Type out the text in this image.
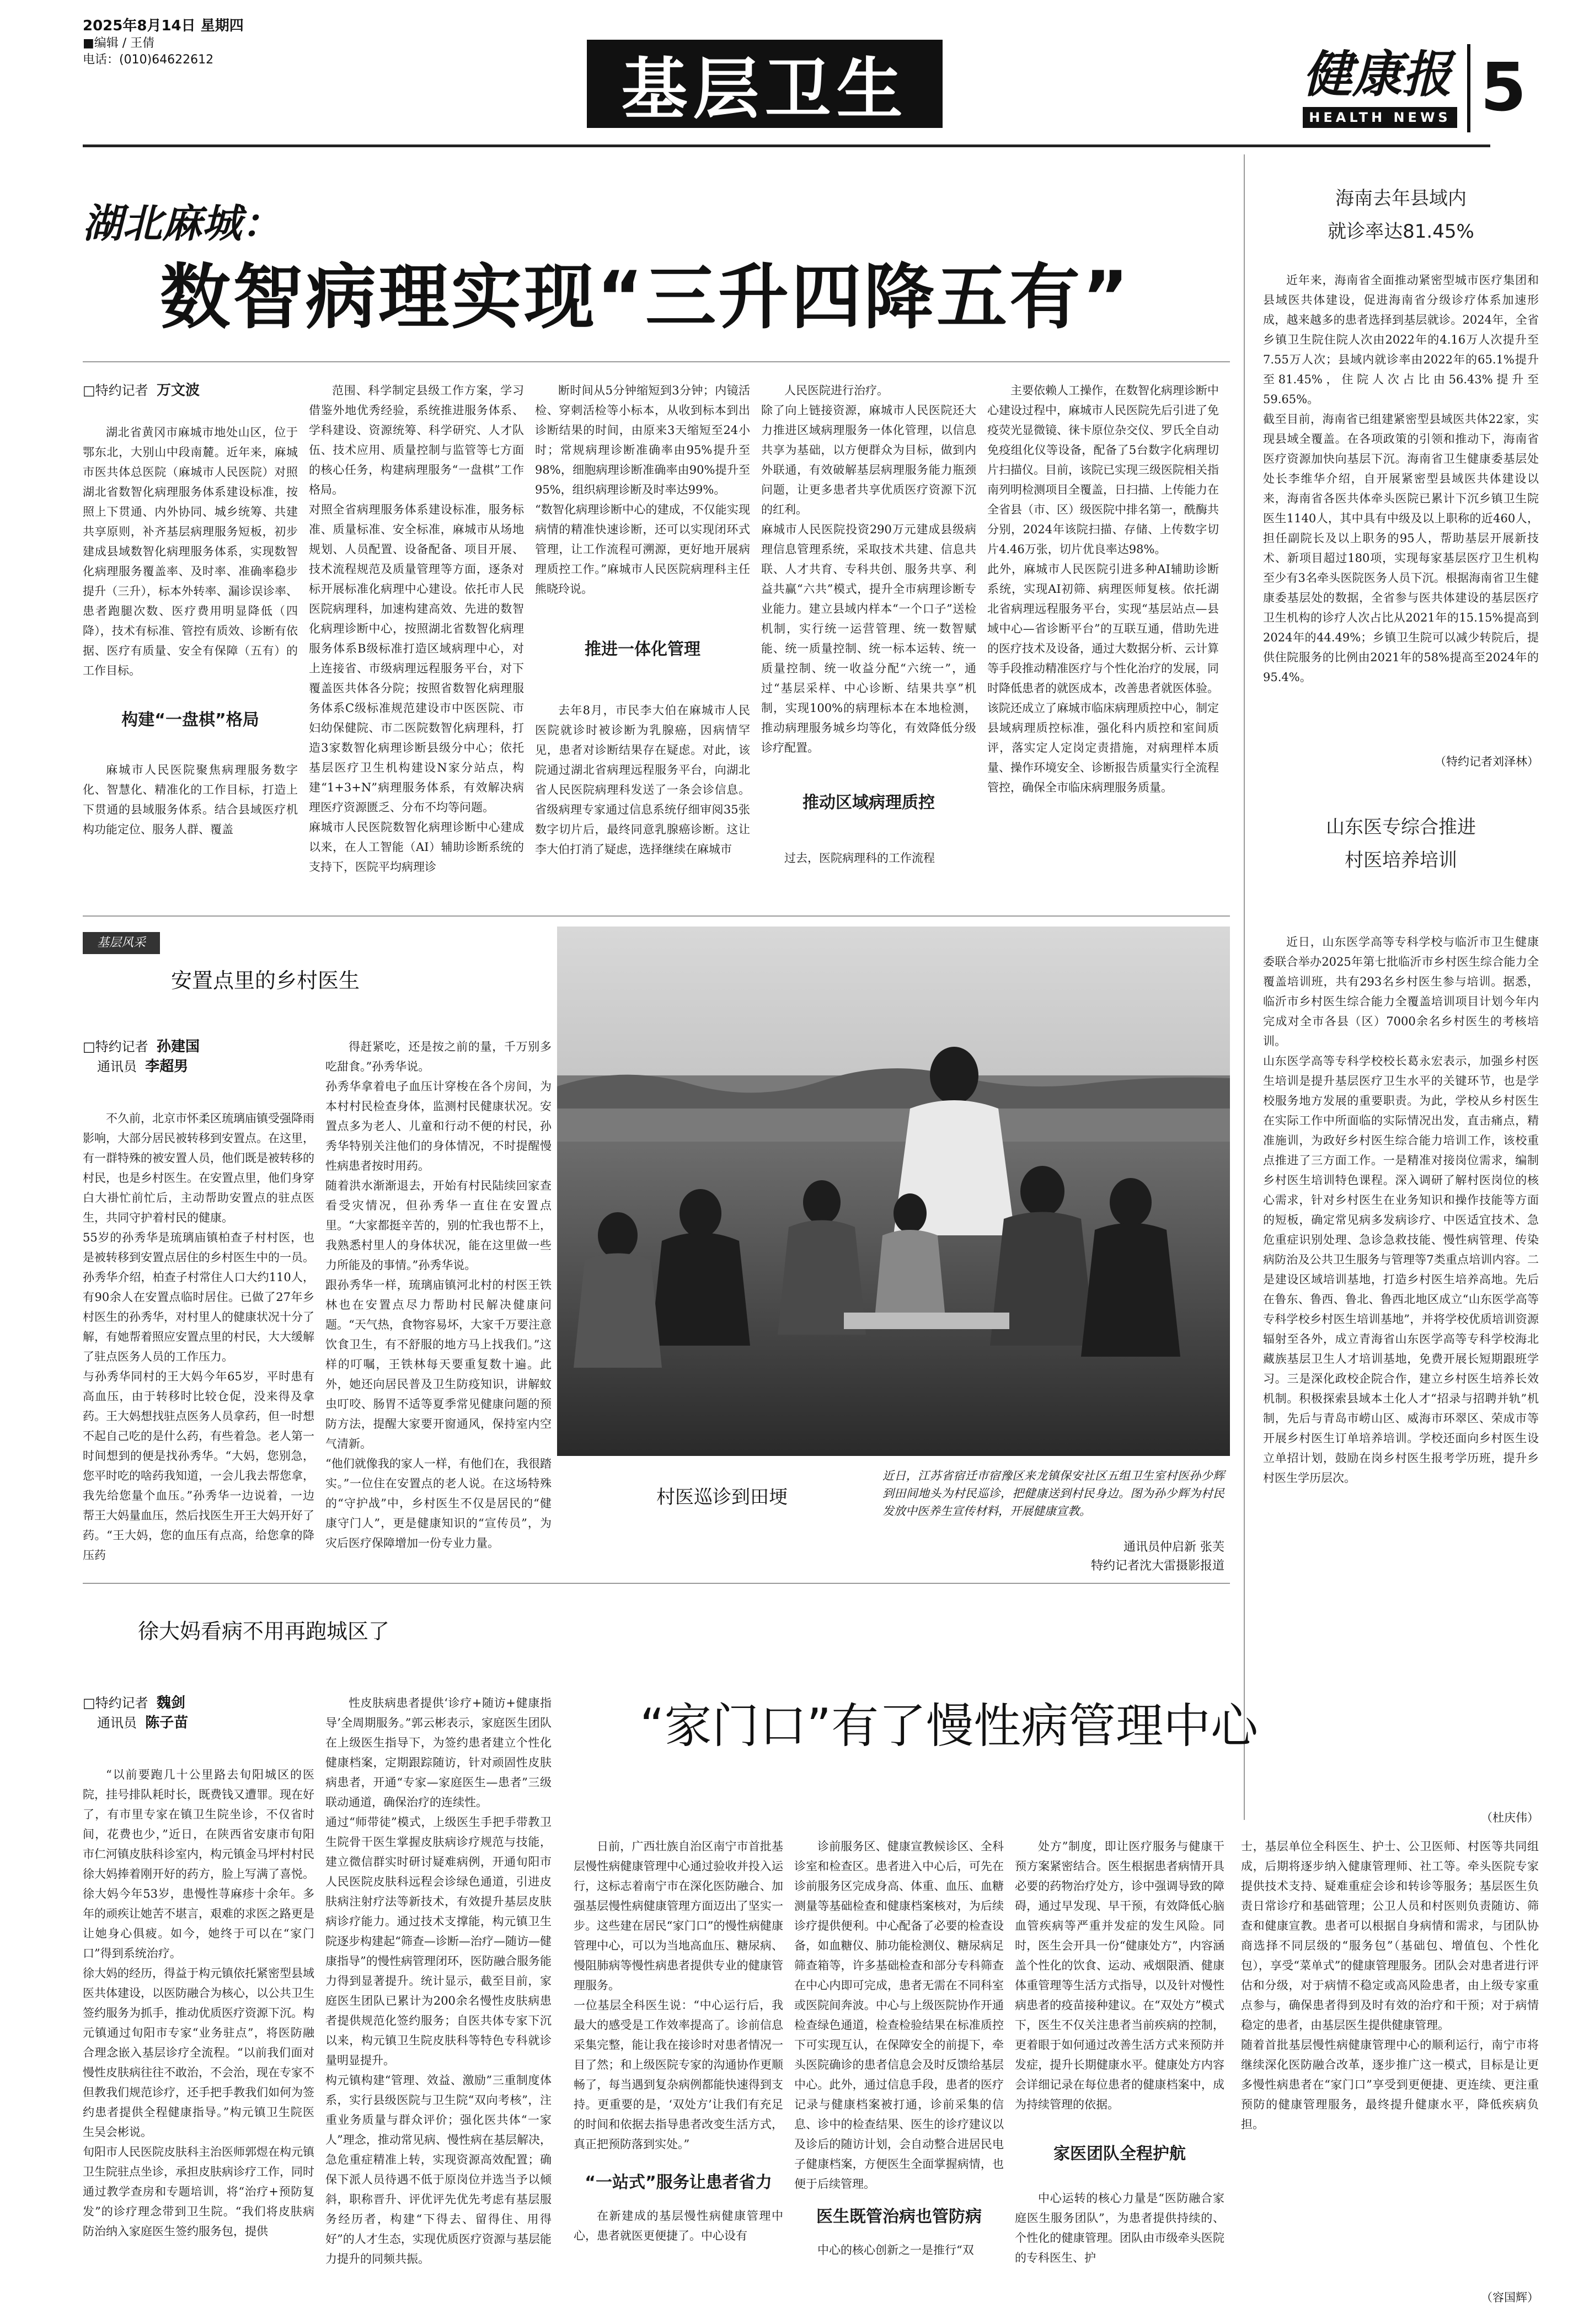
2025年8月14日 星期四
■编辑 / 王倩
电话：(010)64622612	基层卫生	健康报
HEALTH NEWS 5
湖北麻城：
数智病理实现“三升四降五有”
□特约记者 万文波

湖北省黄冈市麻城市地处山区，位于鄂东北，大别山中段南麓。近年来，麻城市医共体总医院（麻城市人民医院）对照湖北省数智化病理服务体系建设标准，按照上下贯通、内外协同、城乡统筹、共建共享原则，补齐基层病理服务短板，初步建成县域数智化病理服务体系，实现数智化病理服务覆盖率、及时率、准确率稳步提升（三升），标本外转率、漏诊误诊率、患者跑腿次数、医疗费用明显降低（四降），技术有标准、管控有质效、诊断有依据、医疗有质量、安全有保障（五有）的工作目标。

构建“一盘棋”格局

麻城市人民医院聚焦病理服务数字化、智慧化、精准化的工作目标，打造上下贯通的县域服务体系。结合县域医疗机构功能定位、服务人群、覆盖

范围、科学制定县级工作方案，学习借鉴外地优秀经验，系统推进服务体系、学科建设、资源统筹、科学研究、人才队伍、技术应用、质量控制与监管等七方面的核心任务，构建病理服务“一盘棋”工作格局。
对照全省病理服务体系建设标准，服务标准、质量标准、安全标准，麻城市从场地规划、人员配置、设备配备、项目开展、技术流程规范及质量管理等方面，逐条对标开展标准化病理中心建设。依托市人民医院病理科，加速构建高效、先进的数智化病理诊断中心，按照湖北省数智化病理服务体系B级标准打造区域病理中心，对上连接省、市级病理远程服务平台，对下覆盖医共体各分院；按照省数智化病理服务体系C级标准规范建设市中医医院、市妇幼保健院、市二医院数智化病理科，打造3家数智化病理诊断县级分中心；依托基层医疗卫生机构建设N家分站点，构建“1+3+N”病理服务体系，有效解决病理医疗资源匮乏、分布不均等问题。
麻城市人民医院数智化病理诊断中心建成以来，在人工智能（AI）辅助诊断系统的支持下，医院平均病理诊

断时间从5分钟缩短到3分钟；内镜活检、穿刺活检等小标本，从收到标本到出诊断结果的时间，由原来3天缩短至24小时；常规病理诊断准确率由95%提升至98%，细胞病理诊断准确率由90%提升至95%，组织病理诊断及时率达99%。
“数智化病理诊断中心的建成，不仅能实现病情的精准快速诊断，还可以实现闭环式管理，让工作流程可溯源，更好地开展病理质控工作。”麻城市人民医院病理科主任熊晓玲说。

推进一体化管理

去年8月，市民李大伯在麻城市人民医院就诊时被诊断为乳腺癌，因病情罕见，患者对诊断结果存在疑虑。对此，该院通过湖北省病理远程服务平台，向湖北省人民医院病理科发送了一条会诊信息。省级病理专家通过信息系统仔细审阅35张数字切片后，最终同意乳腺癌诊断。这让李大伯打消了疑虑，选择继续在麻城市

人民医院进行治疗。
除了向上链接资源，麻城市人民医院还大力推进区域病理服务一体化管理，以信息共享为基础，以方便群众为目标，做到内外联通，有效破解基层病理服务能力瓶颈问题，让更多患者共享优质医疗资源下沉的红利。
麻城市人民医院投资290万元建成县级病理信息管理系统，采取技术共建、信息共联、人才共育、专科共创、服务共享、利益共赢“六共”模式，提升全市病理诊断专业能力。建立县域内样本“一个口子”送检机制，实行统一运营管理、统一数智赋能、统一质量控制、统一标本运转、统一质量控制、统一收益分配“六统一”，通过“基层采样、中心诊断、结果共享”机制，实现100%的病理标本在本地检测，推动病理服务城乡均等化，有效降低分级诊疗配置。

推动区域病理质控

过去，医院病理科的工作流程

主要依赖人工操作，在数智化病理诊断中心建设过程中，麻城市人民医院先后引进了免疫荧光显微镜、徕卡原位杂交仪、罗氏全自动免疫组化仪等设备，配备了5台数字化病理切片扫描仪。目前，该院已实现三级医院相关指南列明检测项目全覆盖，日扫描、上传能力在全省县（市、区）级医院中排名第一，酰酶共分别，2024年该院扫描、存储、上传数字切片4.46万张，切片优良率达98%。
此外，麻城市人民医院引进多种AI辅助诊断系统，实现AI初筛、病理医师复核。依托湖北省病理远程服务平台，实现“基层站点—县域中心—省诊断平台”的互联互通，借助先进的医疗技术及设备，通过大数据分析、云计算等手段推动精准医疗与个性化治疗的发展，同时降低患者的就医成本，改善患者就医体验。该院还成立了麻城市临床病理质控中心，制定县域病理质控标准，强化科内质控和室间质评，落实定人定岗定责措施，对病理样本质量、操作环境安全、诊断报告质量实行全流程管控，确保全市临床病理服务质量。
海南去年县域内
就诊率达81.45%
近年来，海南省全面推动紧密型城市医疗集团和县域医共体建设，促进海南省分级诊疗体系加速形成，越来越多的患者选择到基层就诊。2024年，全省乡镇卫生院住院人次由2022年的4.16万人次提升至7.55万人次；县域内就诊率由2022年的65.1%提升至81.45%，住院人次占比由56.43%提升至59.65%。
截至目前，海南省已组建紧密型县域医共体22家，实现县域全覆盖。在各项政策的引领和推动下，海南省医疗资源加快向基层下沉。海南省卫生健康委基层处处长李维华介绍，自开展紧密型县域医共体建设以来，海南省各医共体牵头医院已累计下沉乡镇卫生院医生1140人，其中具有中级及以上职称的近460人，担任副院长及以上职务的95人，帮助基层开展新技术、新项目超过180项，实现每家基层医疗卫生机构至少有3名牵头医院医务人员下沉。根据海南省卫生健康委基层处的数据，全省参与医共体建设的基层医疗卫生机构的诊疗人次占比从2021年的15.15%提高到2024年的44.49%；乡镇卫生院可以减少转院后，提供住院服务的比例由2021年的58%提高至2024年的95.4%。
（特约记者刘泽林）
山东医专综合推进
村医培养培训
近日，山东医学高等专科学校与临沂市卫生健康委联合举办2025年第七批临沂市乡村医生综合能力全覆盖培训班，共有293名乡村医生参与培训。据悉，临沂市乡村医生综合能力全覆盖培训项目计划今年内完成对全市各县（区）7000余名乡村医生的考核培训。
山东医学高等专科学校校长葛永宏表示，加强乡村医生培训是提升基层医疗卫生水平的关键环节，也是学校服务地方发展的重要职责。为此，学校从乡村医生在实际工作中所面临的实际情况出发，直击痛点，精准施训，为政好乡村医生综合能力培训工作，该校重点推进了三方面工作。一是精准对接岗位需求，编制乡村医生培训特色课程。深入调研了解村医岗位的核心需求，针对乡村医生在业务知识和操作技能等方面的短板，确定常见病多发病诊疗、中医适宜技术、急危重症识别处理、急诊急救技能、慢性病管理、传染病防治及公共卫生服务与管理等7类重点培训内容。二是建设区域培训基地，打造乡村医生培养高地。先后在鲁东、鲁西、鲁北、鲁西北地区成立“山东医学高等专科学校乡村医生培训基地”，并将学校优质培训资源辐射至各外，成立青海省山东医学高等专科学校海北藏族基层卫生人才培训基地，免费开展长短期跟班学习。三是深化政校企院合作，建立乡村医生培养长效机制。积极探索县域本土化人才“招录与招聘并轨”机制，先后与青岛市崂山区、威海市环翠区、荣成市等开展乡村医生订单培养培训。学校还面向乡村医生设立单招计划，鼓励在岗乡村医生报考学历班，提升乡村医生学历层次。
（杜庆伟）
基层风采
安置点里的乡村医生
□特约记者 孙建国
通讯员 李超男
不久前，北京市怀柔区琉璃庙镇受强降雨影响，大部分居民被转移到安置点。在这里，有一群特殊的被安置人员，他们既是被转移的村民，也是乡村医生。在安置点里，他们身穿白大褂忙前忙后，主动帮助安置点的驻点医生，共同守护着村民的健康。
55岁的孙秀华是琉璃庙镇柏查子村村医，也是被转移到安置点居住的乡村医生中的一员。孙秀华介绍，柏查子村常住人口大约110人，有90余人在安置点临时居住。已做了27年乡村医生的孙秀华，对村里人的健康状况十分了解，有她帮着照应安置点里的村民，大大缓解了驻点医务人员的工作压力。
与孙秀华同村的王大妈今年65岁，平时患有高血压，由于转移时比较仓促，没来得及拿药。王大妈想找驻点医务人员拿药，但一时想不起自己吃的是什么药，有些着急。老人第一时间想到的便是找孙秀华。“大妈，您别急，您平时吃的啥药我知道，一会儿我去帮您拿，我先给您量个血压。”孙秀华一边说着，一边帮王大妈量血压，然后找医生开王大妈开好了药。“王大妈，您的血压有点高，给您拿的降压药
得赶紧吃，还是按之前的量，千万别多吃甜食。”孙秀华说。
孙秀华拿着电子血压计穿梭在各个房间，为本村村民检查身体，监测村民健康状况。安置点多为老人、儿童和行动不便的村民，孙秀华特别关注他们的身体情况，不时提醒慢性病患者按时用药。
随着洪水渐渐退去，开始有村民陆续回家查看受灾情况，但孙秀华一直住在安置点里。“大家都挺辛苦的，别的忙我也帮不上，我熟悉村里人的身体状况，能在这里做一些力所能及的事情。”孙秀华说。
跟孙秀华一样，琉璃庙镇河北村的村医王铁林也在安置点尽力帮助村民解决健康问题。“天气热，食物容易坏，大家千万要注意饮食卫生，有不舒服的地方马上找我们。”这样的叮嘱，王铁林每天要重复数十遍。此外，她还向居民普及卫生防疫知识，讲解蚊虫叮咬、肠胃不适等夏季常见健康问题的预防方法，提醒大家要开窗通风，保持室内空气清新。
“他们就像我的家人一样，有他们在，我很踏实。”一位住在安置点的老人说。在这场特殊的“守护战”中，乡村医生不仅是居民的“健康守门人”，更是健康知识的“宣传员”，为灾后医疗保障增加一份专业力量。
村医巡诊到田埂
近日，江苏省宿迁市宿豫区来龙镇保安社区五组卫生室村医孙少辉到田间地头为村民巡诊，把健康送到村民身边。图为孙少辉为村民发放中医养生宣传材料，开展健康宣教。
通讯员仲启新 张芙
特约记者沈大雷摄影报道
徐大妈看病不用再跑城区了
□特约记者 魏剑
通讯员 陈子苗
“以前要跑几十公里路去旬阳城区的医院，挂号排队耗时长，既费钱又遭罪。现在好了，有市里专家在镇卫生院坐诊，不仅省时间，花费也少，”近日，在陕西省安康市旬阳市仁河镇皮肤科诊室内，构元镇金马坪村村民徐大妈捧着刚开好的药方，脸上写满了喜悦。徐大妈今年53岁，患慢性荨麻疹十余年。多年的顽疾让她苦不堪言，艰难的求医之路更是让她身心俱疲。如今，她终于可以在“家门口”得到系统治疗。
徐大妈的经历，得益于构元镇依托紧密型县域医共体建设，以医防融合为核心，以公共卫生签约服务为抓手，推动优质医疗资源下沉。构元镇通过旬阳市专家“业务驻点”，将医防融合理念嵌入基层诊疗全流程。“以前我们面对慢性皮肤病往往不敢治，不会治，现在专家不但教我们规范诊疗，还手把手教我们如何为签约患者提供全程健康指导。”构元镇卫生院医生吴会彬说。
旬阳市人民医院皮肤科主治医师郭煜在构元镇卫生院驻点坐诊，承担皮肤病诊疗工作，同时通过教学查房和专题培训，将“治疗+预防复发”的诊疗理念带到卫生院。“我们将皮肤病防治纳入家庭医生签约服务包，提供
性皮肤病患者提供‘诊疗+随访+健康指导’全周期服务。”郭云彬表示，家庭医生团队在上级医生指导下，为签约患者建立个性化健康档案，定期跟踪随访，针对顽固性皮肤病患者，开通“专家—家庭医生—患者”三级联动通道，确保治疗的连续性。
通过“师带徒”模式，上级医生手把手带教卫生院骨干医生掌握皮肤病诊疗规范与技能，建立微信群实时研讨疑难病例，开通旬阳市人民医院皮肤科远程会诊绿色通道，引进皮肤病注射疗法等新技术，有效提升基层皮肤病诊疗能力。通过技术支撑能，构元镇卫生院逐步构建起“筛查—诊断—治疗—随访—健康指导”的慢性病管理闭环，医防融合服务能力得到显著提升。统计显示，截至目前，家庭医生团队已累计为200余名慢性皮肤病患者提供规范化签约服务；自医共体专家下沉以来，构元镇卫生院皮肤科等特色专科就诊量明显提升。
构元镇构建“管理、效益、激励”三重制度体系，实行县级医院与卫生院“双向考核”，注重业务质量与群众评价；强化医共体“一家人”理念，推动常见病、慢性病在基层解决，急危重症精准上转，实现资源高效配置；确保下派人员待遇不低于原岗位并选当予以倾斜，职称晋升、评优评先优先考虑有基层服务经历者，构建“下得去、留得住、用得好”的人才生态，实现优质医疗资源与基层能力提升的同频共振。
“家门口”有了慢性病管理中心

日前，广西壮族自治区南宁市首批基层慢性病健康管理中心通过验收并投入运行，这标志着南宁市在深化医防融合、加强基层慢性病健康管理方面迈出了坚实一步。这些建在居民“家门口”的慢性病健康管理中心，可以为当地高血压、糖尿病、慢阻肺病等慢性病患者提供专业的健康管理服务。
一位基层全科医生说：“中心运行后，我最大的感受是工作效率提高了。诊前信息采集完整，能让我在接诊时对患者情况一目了然；和上级医院专家的沟通协作更顺畅了，每当遇到复杂病例都能快速得到支持。更重要的是，‘双处方’让我们有充足的时间和依据去指导患者改变生活方式，真正把预防落到实处。”

“一站式”服务让患者省力

在新建成的基层慢性病健康管理中心，患者就医更便捷了。中心设有

诊前服务区、健康宣教候诊区、全科诊室和检查区。患者进入中心后，可先在诊前服务区完成身高、体重、血压、血糖测量等基础检查和健康档案核对，为后续诊疗提供便利。中心配备了必要的检查设备，如血糖仪、肺功能检测仪、糖尿病足筛查箱等，许多基础检查和部分专科筛查在中心内即可完成，患者无需在不同科室或医院间奔波。中心与上级医院协作开通检查绿色通道，检查检验结果在标准质控下可实现互认，在保障安全的前提下，牵头医院确诊的患者信息会及时反馈给基层中心。此外，通过信息手段，患者的医疗记录与健康档案被打通，诊前采集的信息、诊中的检查结果、医生的诊疗建议以及诊后的随访计划，会自动整合进居民电子健康档案，方便医生全面掌握病情，也便于后续管理。

医生既管治病也管防病

中心的核心创新之一是推行“双

处方”制度，即让医疗服务与健康干预方案紧密结合。医生根据患者病情开具必要的药物治疗处方，诊中强调导致的障碍，通过早发现、早干预，有效降低心脑血管疾病等严重并发症的发生风险。同时，医生会开具一份“健康处方”，内容涵盖个性化的饮食、运动、戒烟限酒、健康体重管理等生活方式指导，以及针对慢性病患者的疫苗接种建议。在“双处方”模式下，医生不仅关注患者当前疾病的控制，更着眼于如何通过改善生活方式来预防并发症，提升长期健康水平。健康处方内容会详细记录在每位患者的健康档案中，成为持续管理的依据。

家医团队全程护航

中心运转的核心力量是“医防融合家庭医生服务团队”，为患者提供持续的、个性化的健康管理。团队由市级牵头医院的专科医生、护

士，基层单位全科医生、护士、公卫医师、村医等共同组成，后期将逐步纳入健康管理师、社工等。牵头医院专家提供技术支持、疑难重症会诊和转诊等服务；基层医生负责日常诊疗和基础管理；公卫人员和村医则负责随访、筛查和健康宣教。患者可以根据自身病情和需求，与团队协商选择不同层级的“服务包”（基础包、增值包、个性化包），享受“菜单式”的健康管理服务。团队会对患者进行评估和分级，对于病情不稳定或高风险患者，由上级专家重点参与，确保患者得到及时有效的治疗和干预；对于病情稳定的患者，由基层医生提供健康管理。
随着首批基层慢性病健康管理中心的顺利运行，南宁市将继续深化医防融合改革，逐步推广这一模式，目标是让更多慢性病患者在“家门口”享受到更便捷、更连续、更注重预防的健康管理服务，最终提升健康水平，降低疾病负担。
（容国辉）
